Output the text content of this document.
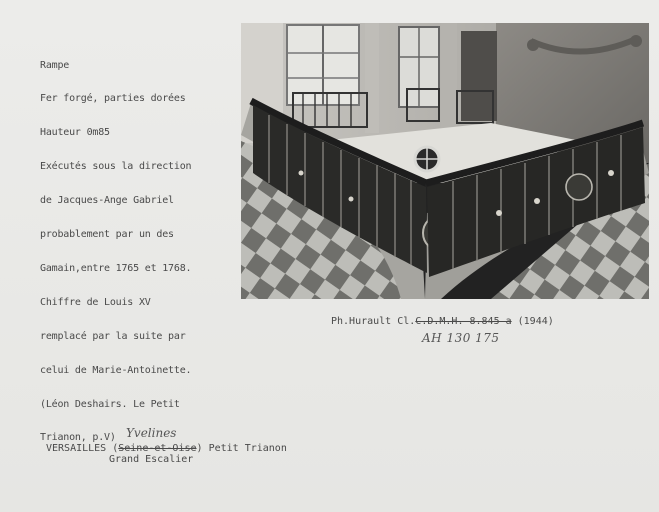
Rampe

Fer forgé, parties dorées

Hauteur 0m85

Exécutés sous la direction

de Jacques-Ange Gabriel

probablement par un des

Gamain,entre 1765 et 1768.

Chiffre de Louis XV

remplacé par la suite par

celui de Marie-Antoinette.

(Léon Deshairs. Le Petit

Trianon, p.V)

Ph.Hurault Cl.C.D.M.H. 8.845 a (1944)
AH 130 175
Yvelines
VERSAILLES (Seine-et-Oise) Petit Trianon
Grand Escalier
